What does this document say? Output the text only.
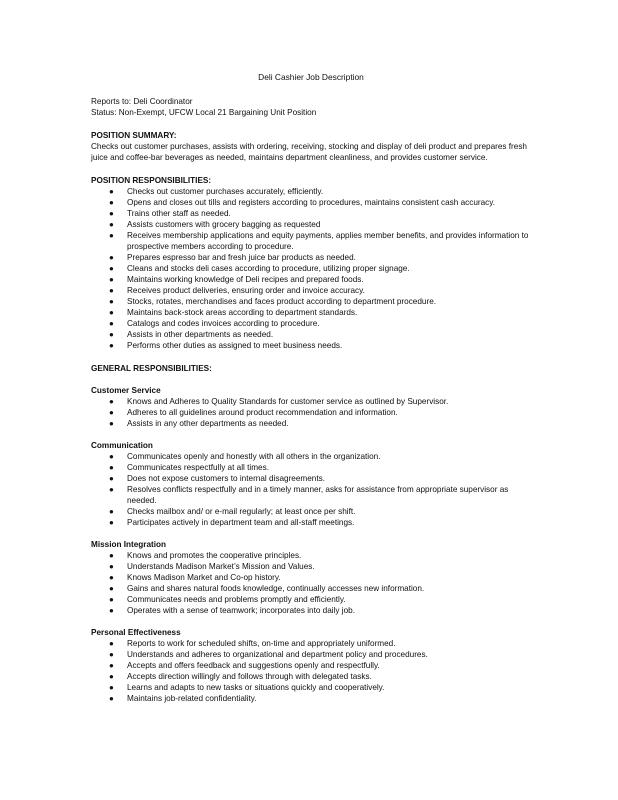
Deli Cashier Job Description

Reports to: Deli Coordinator

Status: Non-Exempt, UFCW Local 21 Bargaining Unit Position

POSITION SUMMARY:

Checks out customer purchases, assists with ordering, receiving, stocking and display of deli product and prepares fresh juice and coffee-bar beverages as needed, maintains department cleanliness, and provides customer service.

POSITION RESPONSIBILITIES:
● Checks out customer purchases accurately, efficiently.
● Opens and closes out tills and registers according to procedures, maintains consistent cash accuracy.
● Trains other staff as needed.
● Assists customers with grocery bagging as requested
● Receives membership applications and equity payments, applies member benefits, and provides information to prospective members according to procedure.
● Prepares espresso bar and fresh juice bar products as needed.
● Cleans and stocks deli cases according to procedure, utilizing proper signage.
● Maintains working knowledge of Deli recipes and prepared foods.
● Receives product deliveries, ensuring order and invoice accuracy.
● Stocks, rotates, merchandises and faces product according to department procedure.
● Maintains back-stock areas according to department standards.
● Catalogs and codes invoices according to procedure.
● Assists in other departments as needed.
● Performs other duties as assigned to meet business needs.
GENERAL RESPONSIBILITIES:
Customer Service
● Knows and Adheres to Quality Standards for customer service as outlined by Supervisor.
● Adheres to all guidelines around product recommendation and information.
● Assists in any other departments as needed.
Communication
● Communicates openly and honestly with all others in the organization.
● Communicates respectfully at all times.
● Does not expose customers to internal disagreements.
● Resolves conflicts respectfully and in a timely manner, asks for assistance from appropriate supervisor as needed.
● Checks mailbox and/ or e-mail regularly; at least once per shift.
● Participates actively in department team and all-staff meetings.
Mission Integration
● Knows and promotes the cooperative principles.
● Understands Madison Market’s Mission and Values.
● Knows Madison Market and Co-op history.
● Gains and shares natural foods knowledge, continually accesses new information.
● Communicates needs and problems promptly and efficiently.
● Operates with a sense of teamwork; incorporates into daily job.
Personal Effectiveness
● Reports to work for scheduled shifts, on-time and appropriately uniformed.
● Understands and adheres to organizational and department policy and procedures.
● Accepts and offers feedback and suggestions openly and respectfully.
● Accepts direction willingly and follows through with delegated tasks.
● Learns and adapts to new tasks or situations quickly and cooperatively.
● Maintains job-related confidentiality.
